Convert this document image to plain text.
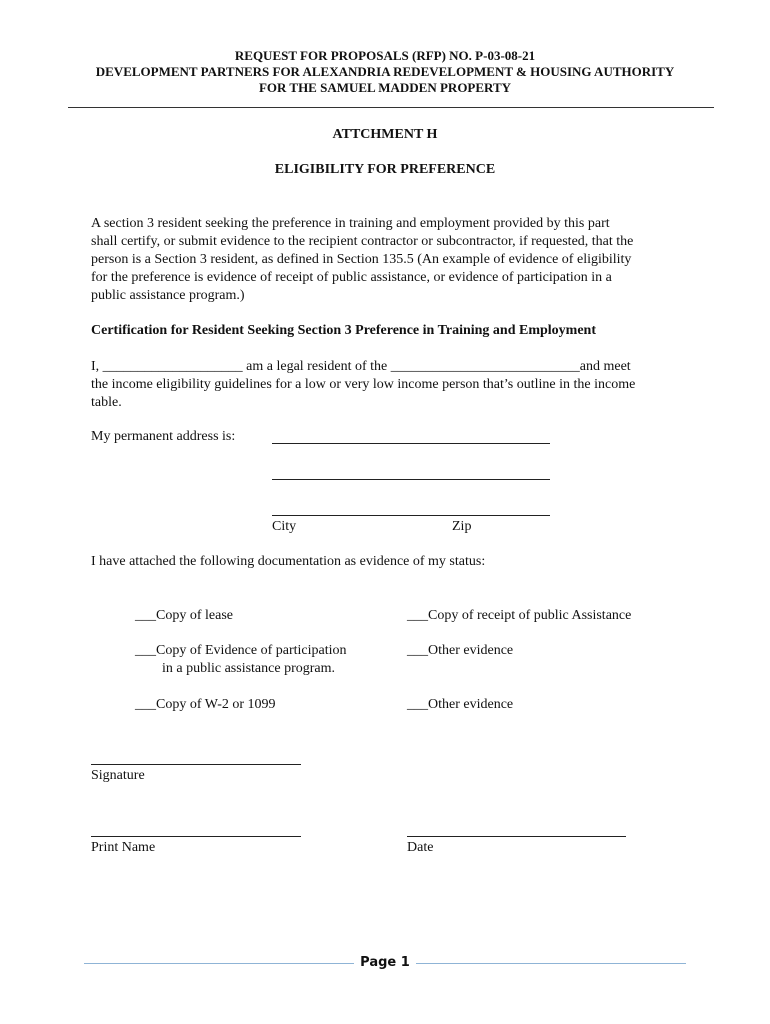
REQUEST FOR PROPOSALS (RFP) NO. P-03-08-21
DEVELOPMENT PARTNERS FOR ALEXANDRIA REDEVELOPMENT & HOUSING AUTHORITY
FOR THE SAMUEL MADDEN PROPERTY
ATTCHMENT H
ELIGIBILITY FOR PREFERENCE
A section 3 resident seeking the preference in training and employment provided by this part
shall certify, or submit evidence to the recipient contractor or subcontractor, if requested, that the
person is a Section 3 resident, as defined in Section 135.5 (An example of evidence of eligibility
for the preference is evidence of receipt of public assistance, or evidence of participation in a
public assistance program.)
Certification for Resident Seeking Section 3 Preference in Training and Employment
I, ____________________ am a legal resident of the ___________________________and meet
the income eligibility guidelines for a low or very low income person that’s outline in the income
table.
My permanent address is:
City	Zip
I have attached the following documentation as evidence of my status:
___Copy of lease	___Copy of receipt of public Assistance
___Copy of Evidence of participation
in a public assistance program.
___Other evidence
___Copy of W-2 or 1099	___Other evidence
Signature
Print Name	Date
Page 1
